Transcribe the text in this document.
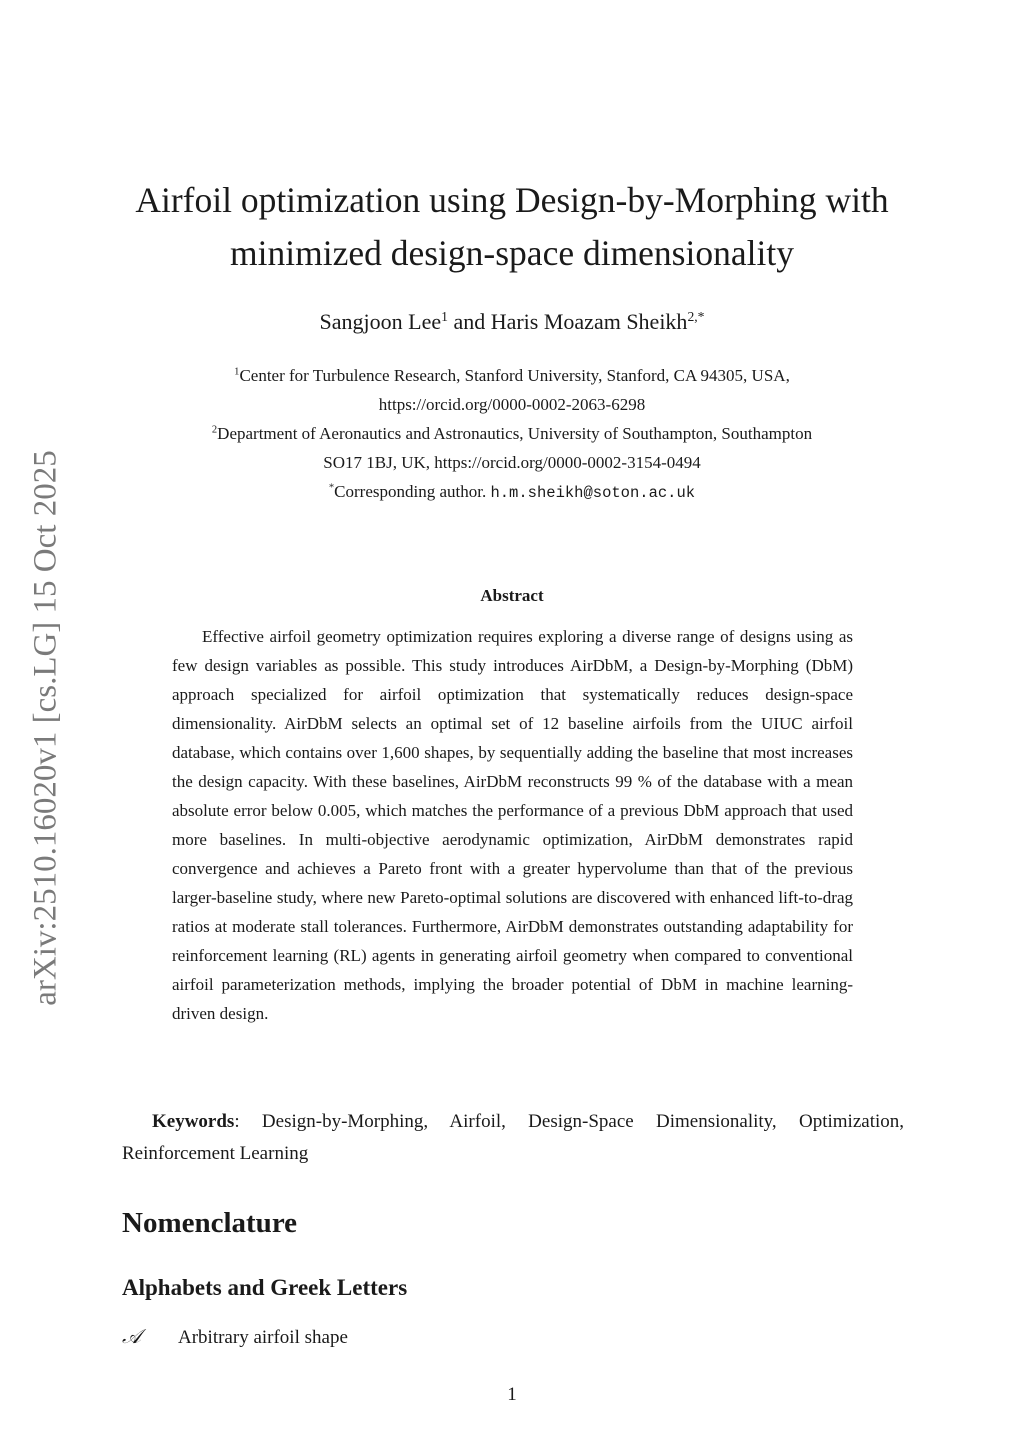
arXiv:2510.16020v1 [cs.LG] 15 Oct 2025
Airfoil optimization using Design-by-Morphing with
minimized design-space dimensionality
Sangjoon Lee$^1$ and Haris Moazam Sheikh$^{2,*}$
$^1$Center for Turbulence Research, Stanford University, Stanford, CA 94305, USA,
https://orcid.org/0000-0002-2063-6298
$^2$Department of Aeronautics and Astronautics, University of Southampton, Southampton
SO17 1BJ, UK, https://orcid.org/0000-0002-3154-0494
*Corresponding author. h.m.sheikh@soton.ac.uk
Abstract
Effective airfoil geometry optimization requires exploring a diverse range of designs using as few design variables as possible. This study introduces AirDbM, a Design-by-Morphing (DbM) approach specialized for airfoil optimization that systematically reduces design-space dimensionality. AirDbM selects an optimal set of 12 baseline airfoils from the UIUC airfoil database, which contains over 1,600 shapes, by sequentially adding the baseline that most increases the design capacity. With these baselines, AirDbM reconstructs 99 % of the database with a mean absolute error below 0.005, which matches the performance of a previous DbM approach that used more baselines. In multi-objective aerodynamic optimization, AirDbM demonstrates rapid convergence and achieves a Pareto front with a greater hypervolume than that of the previous larger-baseline study, where new Pareto-optimal solutions are discovered with enhanced lift-to-drag ratios at moderate stall tolerances. Furthermore, AirDbM demonstrates outstanding adaptability for reinforcement learning (RL) agents in generating airfoil geometry when compared to conventional airfoil parameterization methods, implying the broader potential of DbM in machine learning-driven design.
Keywords: Design-by-Morphing, Airfoil, Design-Space Dimensionality, Optimization, Reinforcement Learning
Nomenclature
Alphabets and Greek Letters
𝒜 Arbitrary airfoil shape
1
